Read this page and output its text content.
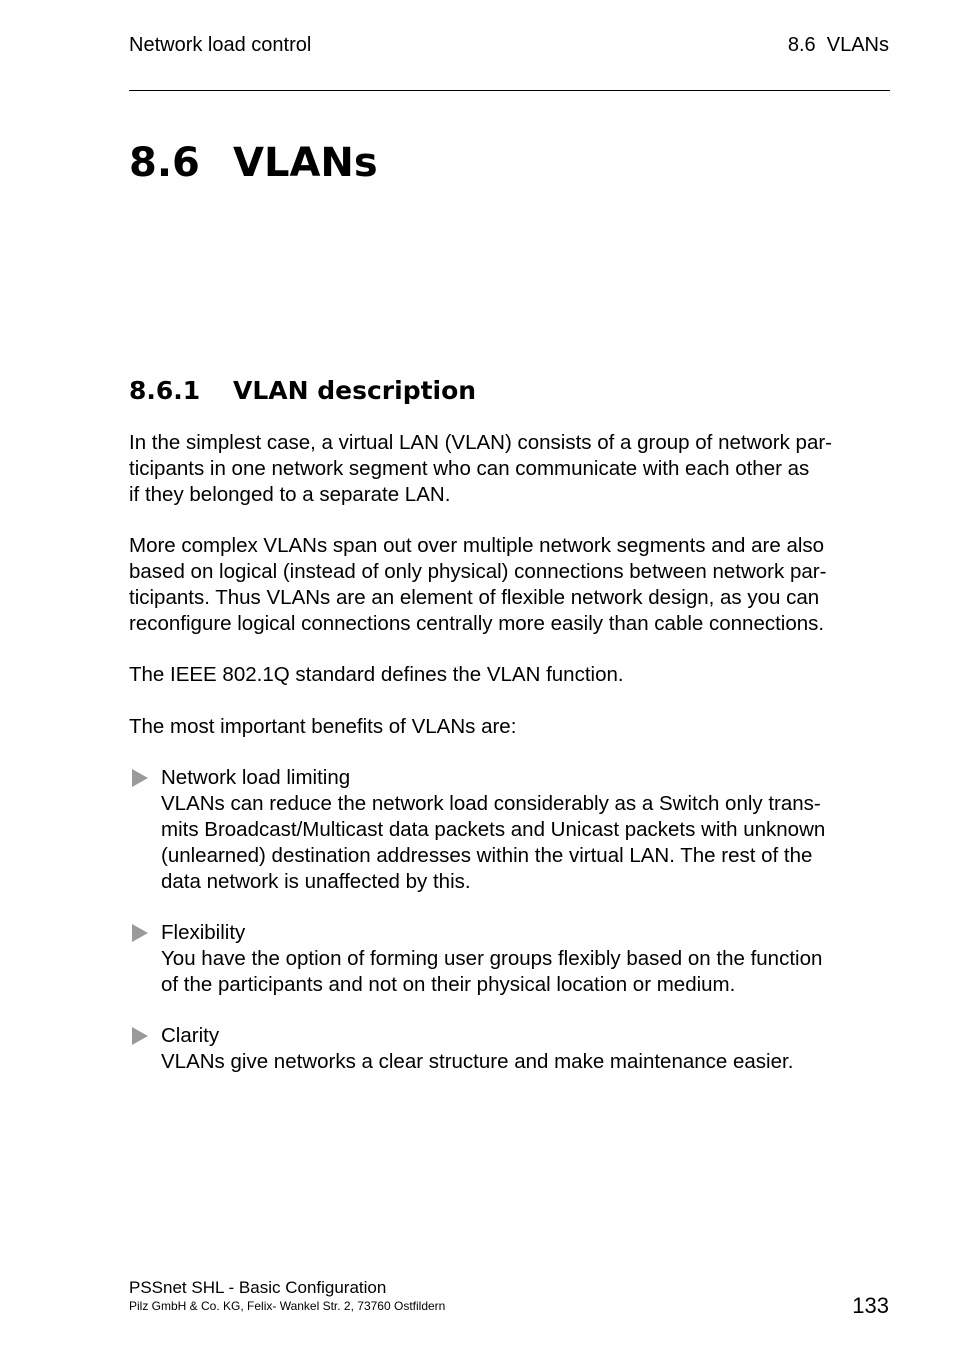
Network load control	8.6  VLANs
8.6 VLANs
8.6.1 VLAN description

In the simplest case, a virtual LAN (VLAN) consists of a group of network par-
ticipants in one network segment who can communicate with each other as
if they belonged to a separate LAN.

More complex VLANs span out over multiple network segments and are also
based on logical (instead of only physical) connections between network par-
ticipants. Thus VLANs are an element of flexible network design, as you can
reconfigure logical connections centrally more easily than cable connections.

The IEEE 802.1Q standard defines the VLAN function.

The most important benefits of VLANs are:

Network load limiting
VLANs can reduce the network load considerably as a Switch only trans-
mits Broadcast/Multicast data packets and Unicast packets with unknown
(unlearned) destination addresses within the virtual LAN. The rest of the
data network is unaffected by this.
Flexibility
You have the option of forming user groups flexibly based on the function
of the participants and not on their physical location or medium.
Clarity
VLANs give networks a clear structure and make maintenance easier.
PSSnet SHL - Basic Configuration
Pilz GmbH & Co. KG, Felix- Wankel Str. 2, 73760 Ostfildern	133
